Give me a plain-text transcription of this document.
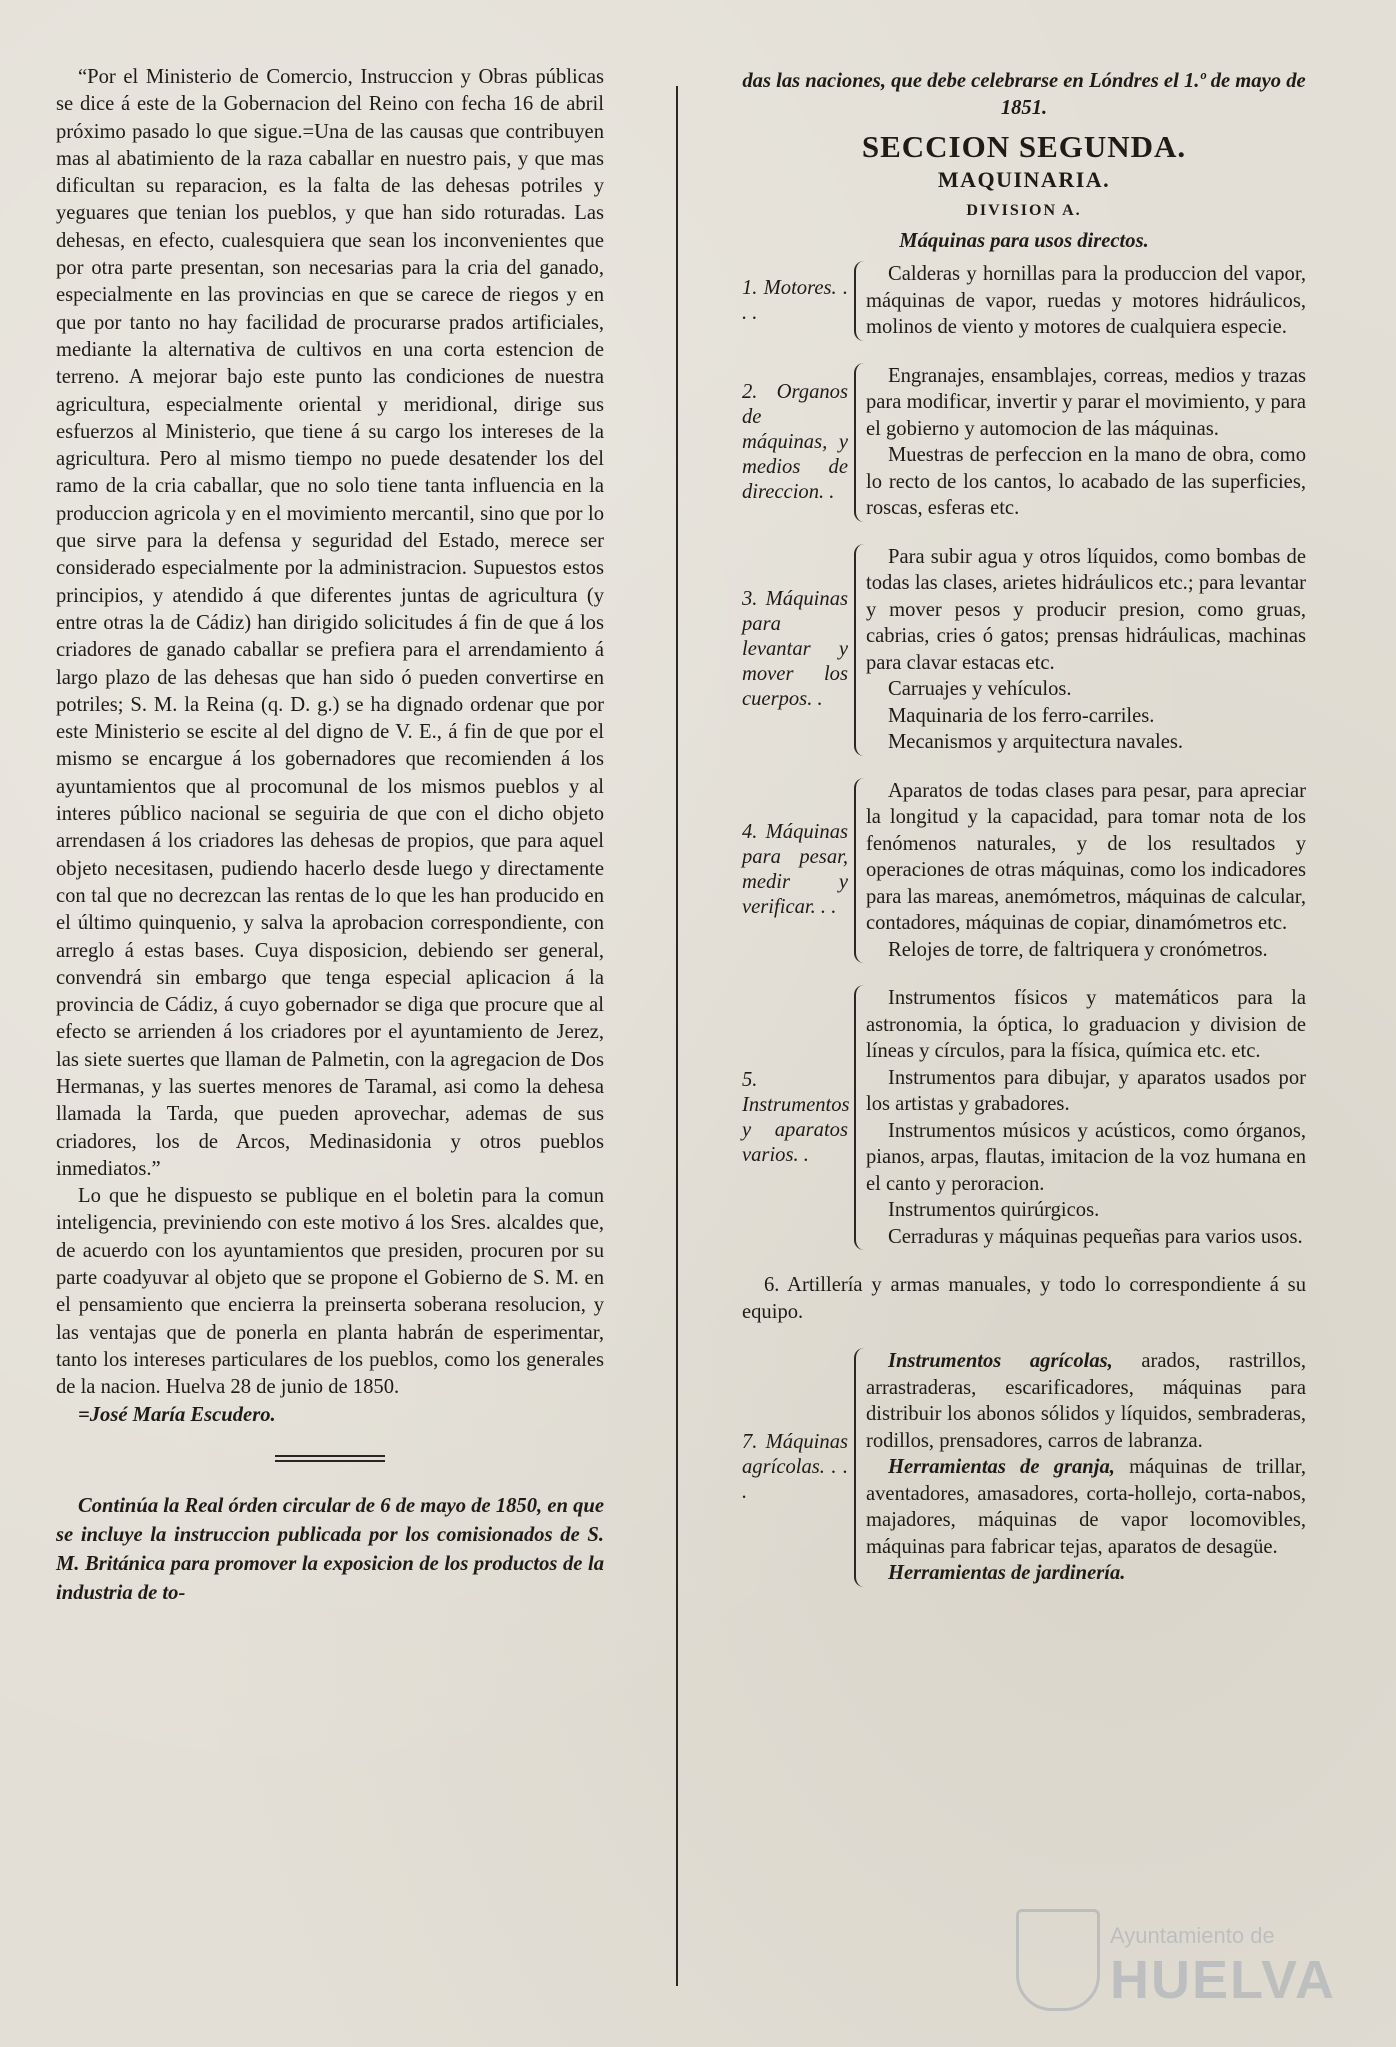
“Por el Ministerio de Comercio, Instruccion y Obras públicas se dice á este de la Gobernacion del Reino con fecha 16 de abril próximo pasado lo que sigue.=Una de las causas que contribuyen mas al abatimiento de la raza caballar en nuestro pais, y que mas dificultan su reparacion, es la falta de las dehesas potriles y yeguares que tenian los pueblos, y que han sido roturadas. Las dehesas, en efecto, cualesquiera que sean los inconvenientes que por otra parte presentan, son necesarias para la cria del ganado, especialmente en las provincias en que se carece de riegos y en que por tanto no hay facilidad de procurarse prados artificiales, mediante la alternativa de cultivos en una corta estencion de terreno. A mejorar bajo este punto las condiciones de nuestra agricultura, especialmente oriental y meridional, dirige sus esfuerzos al Ministerio, que tiene á su cargo los intereses de la agricultura. Pero al mismo tiempo no puede desatender los del ramo de la cria caballar, que no solo tiene tanta influencia en la produccion agricola y en el movimiento mercantil, sino que por lo que sirve para la defensa y seguridad del Estado, merece ser considerado especialmente por la administracion. Supuestos estos principios, y atendido á que diferentes juntas de agricultura (y entre otras la de Cádiz) han dirigido solicitudes á fin de que á los criadores de ganado caballar se prefiera para el arrendamiento á largo plazo de las dehesas que han sido ó pueden convertirse en potriles; S. M. la Reina (q. D. g.) se ha dignado ordenar que por este Ministerio se escite al del digno de V. E., á fin de que por el mismo se encargue á los gobernadores que recomienden á los ayuntamientos que al procomunal de los mismos pueblos y al interes público nacional se seguiria de que con el dicho objeto arrendasen á los criadores las dehesas de propios, que para aquel objeto necesitasen, pudiendo hacerlo desde luego y directamente con tal que no decrezcan las rentas de lo que les han producido en el último quinquenio, y salva la aprobacion correspondiente, con arreglo á estas bases. Cuya disposicion, debiendo ser general, convendrá sin embargo que tenga especial aplicacion á la provincia de Cádiz, á cuyo gobernador se diga que procure que al efecto se arrienden á los criadores por el ayuntamiento de Jerez, las siete suertes que llaman de Palmetin, con la agregacion de Dos Hermanas, y las suertes menores de Taramal, asi como la dehesa llamada la Tarda, que pueden aprovechar, ademas de sus criadores, los de Arcos, Medinasidonia y otros pueblos inmediatos.”

Lo que he dispuesto se publique en el boletin para la comun inteligencia, previniendo con este motivo á los Sres. alcaldes que, de acuerdo con los ayuntamientos que presiden, procuren por su parte coadyuvar al objeto que se propone el Gobierno de S. M. en el pensamiento que encierra la preinserta soberana resolucion, y las ventajas que de ponerla en planta habrán de esperimentar, tanto los intereses particulares de los pueblos, como los generales de la nacion. Huelva 28 de junio de 1850.

=José María Escudero.

Continúa la Real órden circular de 6 de mayo de 1850, en que se incluye la instruccion publicada por los comisionados de S. M. Británica para promover la exposicion de los productos de la industria de to-

das las naciones, que debe celebrarse en Lóndres el 1.º de mayo de 1851.

SECCION SEGUNDA.
MAQUINARIA.
DIVISION A.
Máquinas para usos directos.
1. Motores. . . .

Calderas y hornillas para la produccion del vapor, máquinas de vapor, ruedas y motores hidráulicos, molinos de viento y motores de cualquiera especie.

2. Organos de máquinas, y medios de direccion. .

Engranajes, ensamblajes, correas, medios y trazas para modificar, invertir y parar el movimiento, y para el gobierno y automocion de las máquinas.

Muestras de perfeccion en la mano de obra, como lo recto de los cantos, lo acabado de las superficies, roscas, esferas etc.

3. Máquinas para levantar y mover los cuerpos. .

Para subir agua y otros líquidos, como bombas de todas las clases, arietes hidráulicos etc.; para levantar y mover pesos y producir presion, como gruas, cabrias, cries ó gatos; prensas hidráulicas, machinas para clavar estacas etc.

Carruajes y vehículos.

Maquinaria de los ferro-carriles.

Mecanismos y arquitectura navales.

4. Máquinas para pesar, medir y verificar. . .

Aparatos de todas clases para pesar, para apreciar la longitud y la capacidad, para tomar nota de los fenómenos naturales, y de los resultados y operaciones de otras máquinas, como los indicadores para las mareas, anemómetros, máquinas de calcular, contadores, máquinas de copiar, dinamómetros etc.

Relojes de torre, de faltriquera y cronómetros.

5. Instrumentos y aparatos varios. .

Instrumentos físicos y matemáticos para la astronomia, la óptica, lo graduacion y division de líneas y círculos, para la física, química etc. etc.

Instrumentos para dibujar, y aparatos usados por los artistas y grabadores.

Instrumentos músicos y acústicos, como órganos, pianos, arpas, flautas, imitacion de la voz humana en el canto y peroracion.

Instrumentos quirúrgicos.

Cerraduras y máquinas pequeñas para varios usos.

6. Artillería y armas manuales, y todo lo correspondiente á su equipo.

7. Máquinas agrícolas. . . .

Instrumentos agrícolas, arados, rastrillos, arrastraderas, escarificadores, máquinas para distribuir los abonos sólidos y líquidos, sembraderas, rodillos, prensadores, carros de labranza.

Herramientas de granja, máquinas de trillar, aventadores, amasadores, corta-hollejo, corta-nabos, majadores, máquinas de vapor locomovibles, máquinas para fabricar tejas, aparatos de desagüe.

Herramientas de jardinería.

Ayuntamiento de
HUELVA
